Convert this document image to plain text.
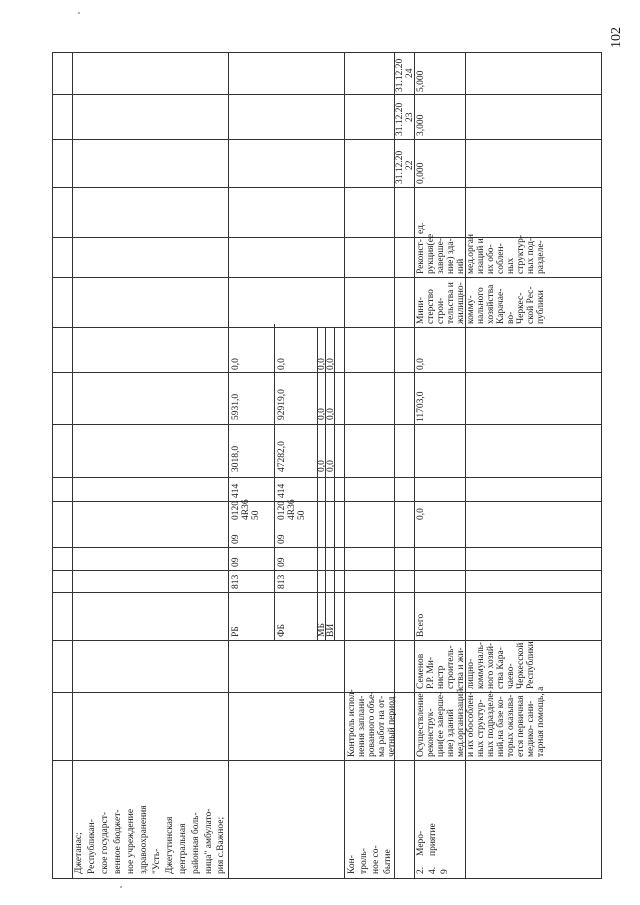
102
Джетанас; Республикан- ское государст- венное бюджет- ное учреждение здравоохранения "Усть- Джегутинская центральная районная боль- ница" амбулато- рия с.Важное;	Кон- троль- ное со- бытие
Контроль испол- нения заплани- рованного объе- ма работ на от- четный период
31.12.20 22
31.12.20 23
31.12.20 24
2. 4. 9
Меро- приятие
Осуществление реконструк- ции(ее заверше- ние) зданий мед.организаций и их обособлен- ных структур- ных подразделе- ний,на базе ко- торых оказыва- ется первичная медико- сани- тарная помощь, а
Семенов Р.Р. Ми- нистр строитель- ства и жи- лищно- коммуналь- ного хозяй- ства Кара- чаево- Черкесской Республики
Всего
0,0
11703,0
0,0
Мини- стерство строи- тельства и жилищно- комму- нального хозяйства Карачае- во- Черкес- ской Рес- публики
Реконст- рукция(ее заверше- ние) зда- ний мед.орган изаций и их обо- соблен- ных структур- ных под- разделе-
ед.
0,000
3,000
5,000
РБ
813
09
09
0120 4R36 50
414
3018,0
5931,0
0,0
ФБ
813
09
09
0120 4R36 50
414
47282,0
92919,0
0,0
МБ
0,0
0,0
0,0
ВИ
0,0
0,0
0,0
